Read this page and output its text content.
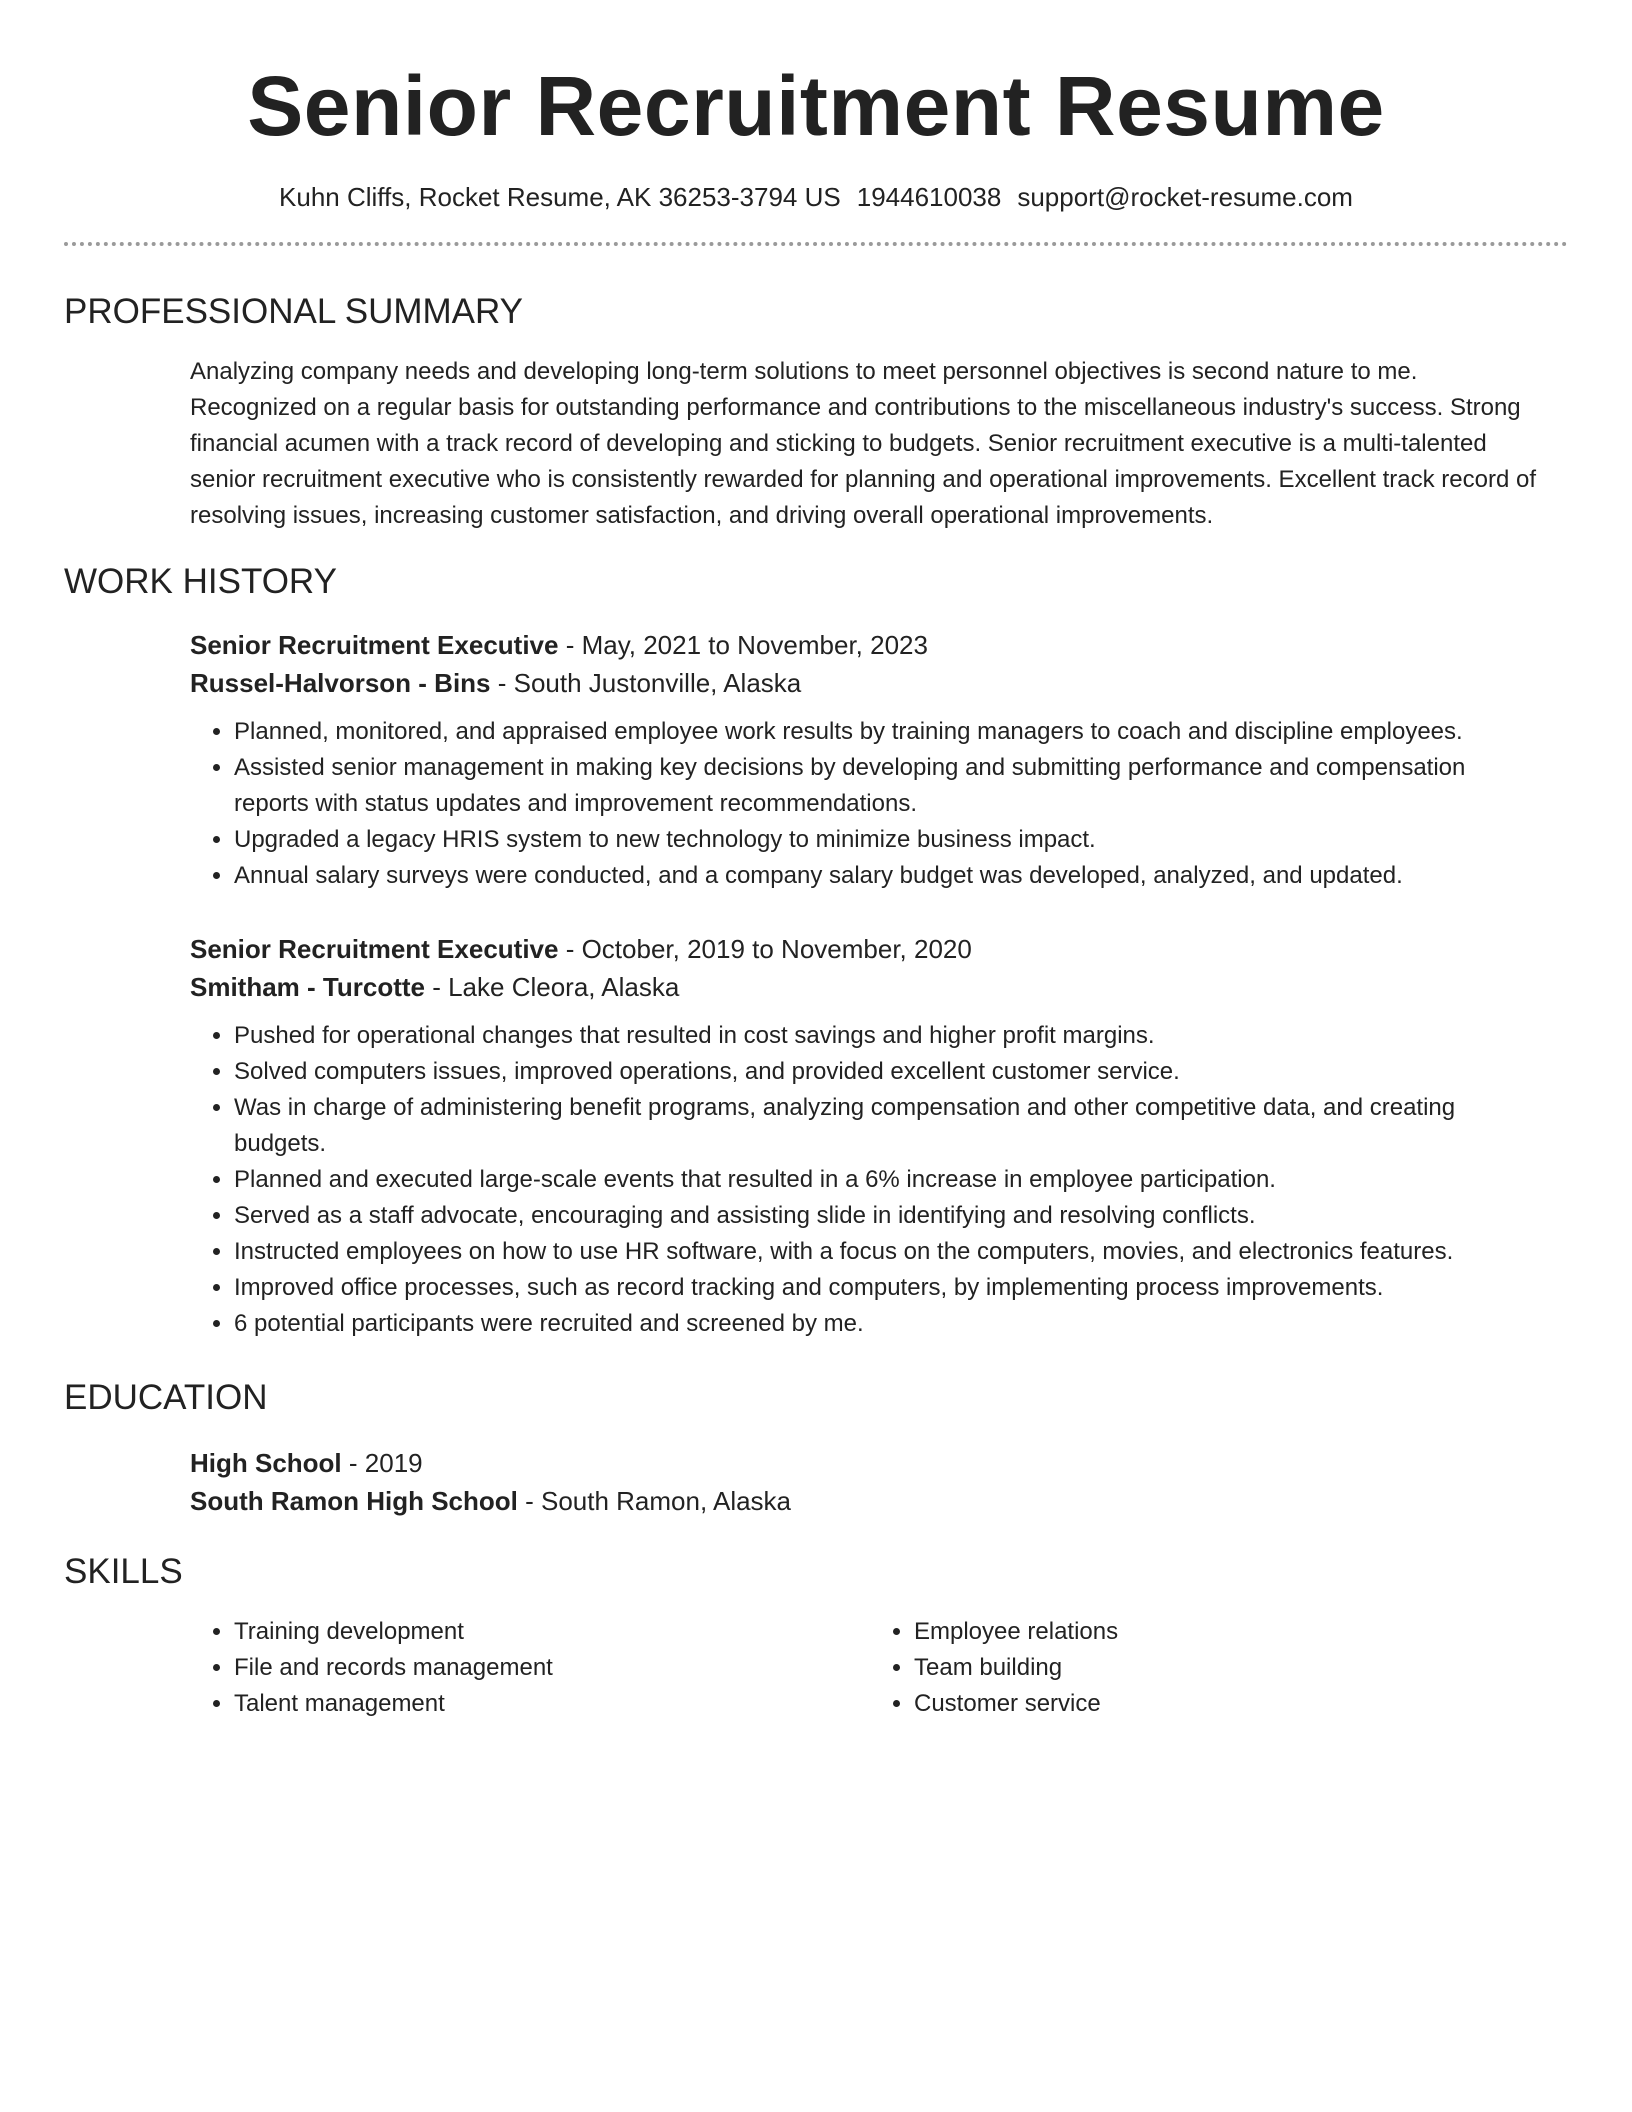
Senior Recruitment Resume
Kuhn Cliffs, Rocket Resume, AK 36253-3794 US 1944610038 support@rocket-resume.com
PROFESSIONAL SUMMARY
Analyzing company needs and developing long-term solutions to meet personnel objectives is second nature to me. Recognized on a regular basis for outstanding performance and contributions to the miscellaneous industry's success. Strong financial acumen with a track record of developing and sticking to budgets. Senior recruitment executive is a multi-talented senior recruitment executive who is consistently rewarded for planning and operational improvements. Excellent track record of resolving issues, increasing customer satisfaction, and driving overall operational improvements.
WORK HISTORY
Senior Recruitment Executive - May, 2021 to November, 2023
Russel-Halvorson - Bins - South Justonville, Alaska
• Planned, monitored, and appraised employee work results by training managers to coach and discipline employees.
• Assisted senior management in making key decisions by developing and submitting performance and compensation reports with status updates and improvement recommendations.
• Upgraded a legacy HRIS system to new technology to minimize business impact.
• Annual salary surveys were conducted, and a company salary budget was developed, analyzed, and updated.
Senior Recruitment Executive - October, 2019 to November, 2020
Smitham - Turcotte - Lake Cleora, Alaska
• Pushed for operational changes that resulted in cost savings and higher profit margins.
• Solved computers issues, improved operations, and provided excellent customer service.
• Was in charge of administering benefit programs, analyzing compensation and other competitive data, and creating budgets.
• Planned and executed large-scale events that resulted in a 6% increase in employee participation.
• Served as a staff advocate, encouraging and assisting slide in identifying and resolving conflicts.
• Instructed employees on how to use HR software, with a focus on the computers, movies, and electronics features.
• Improved office processes, such as record tracking and computers, by implementing process improvements.
• 6 potential participants were recruited and screened by me.
EDUCATION
High School - 2019
South Ramon High School - South Ramon, Alaska
SKILLS
• Training development
• File and records management
• Talent management
• Employee relations
• Team building
• Customer service
